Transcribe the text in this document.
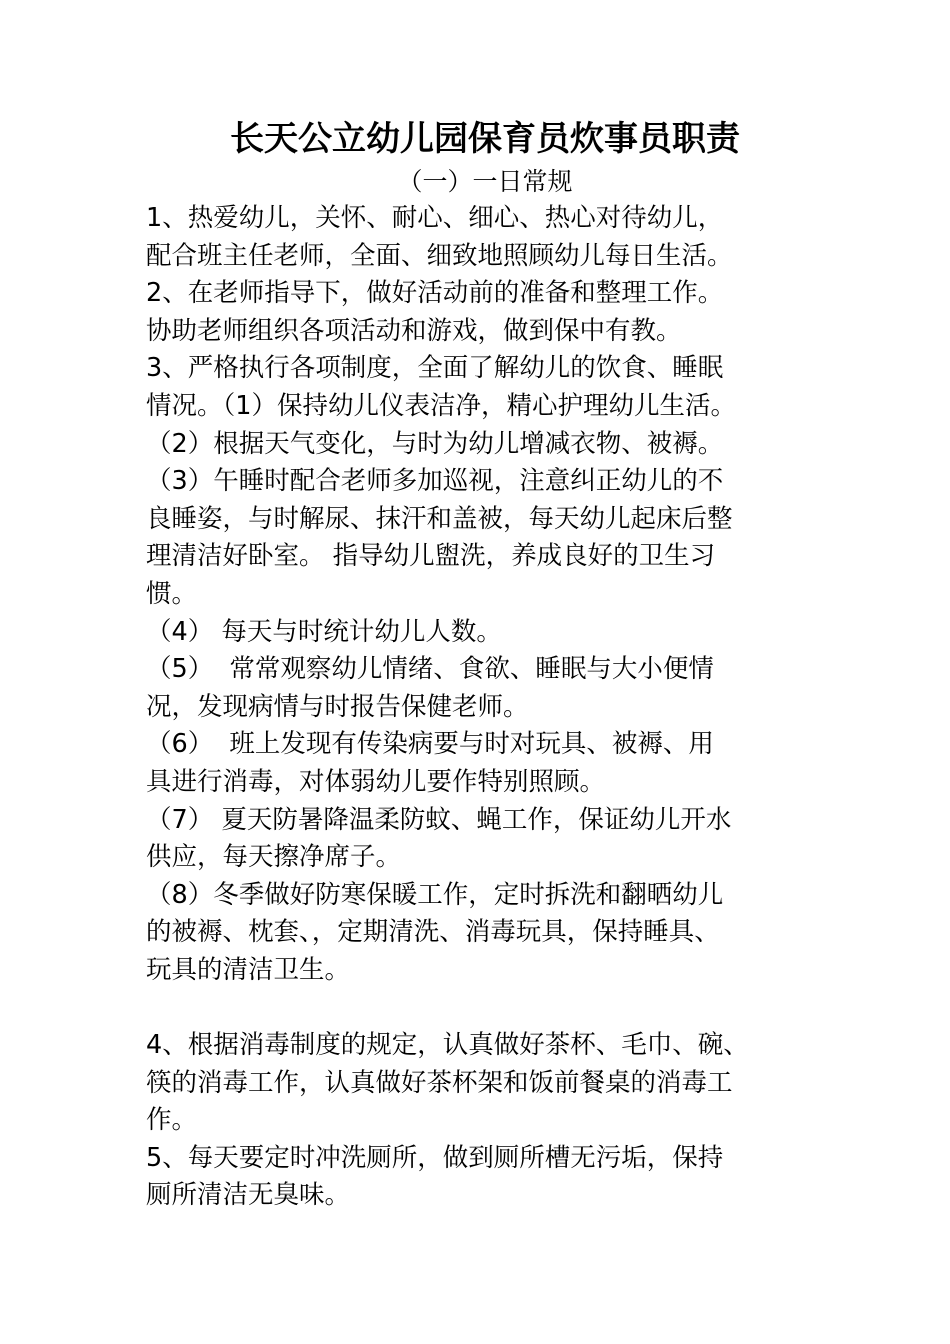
长天公立幼儿园保育员炊事员职责
（一）一日常规
1、热爱幼儿，关怀、耐心、细心、热心对待幼儿，
配合班主任老师，全面、细致地照顾幼儿每日生活。
2、在老师指导下，做好活动前的准备和整理工作。
协助老师组织各项活动和游戏，做到保中有教。
3、严格执行各项制度，全面了解幼儿的饮食、睡眠
情况。（1）保持幼儿仪表洁净，精心护理幼儿生活。
（2）根据天气变化，与时为幼儿增减衣物、被褥。
（3）午睡时配合老师多加巡视，注意纠正幼儿的不
良睡姿，与时解尿、抹汗和盖被，每天幼儿起床后整
理清洁好卧室。 指导幼儿盥洗，养成良好的卫生习
惯。
（4） 每天与时统计幼儿人数。
（5）  常常观察幼儿情绪、食欲、睡眠与大小便情
况，发现病情与时报告保健老师。
（6）  班上发现有传染病要与时对玩具、被褥、用
具进行消毒，对体弱幼儿要作特别照顾。
（7） 夏天防暑降温柔防蚊、蝇工作，保证幼儿开水
供应，每天擦净席子。
（8）冬季做好防寒保暖工作，定时拆洗和翻晒幼儿
的被褥、枕套、，定期清洗、消毒玩具，保持睡具、
玩具的清洁卫生。
4、根据消毒制度的规定，认真做好茶杯、毛巾、碗、
筷的消毒工作，认真做好茶杯架和饭前餐桌的消毒工
作。
5、每天要定时冲洗厕所，做到厕所槽无污垢，保持
厕所清洁无臭味。
